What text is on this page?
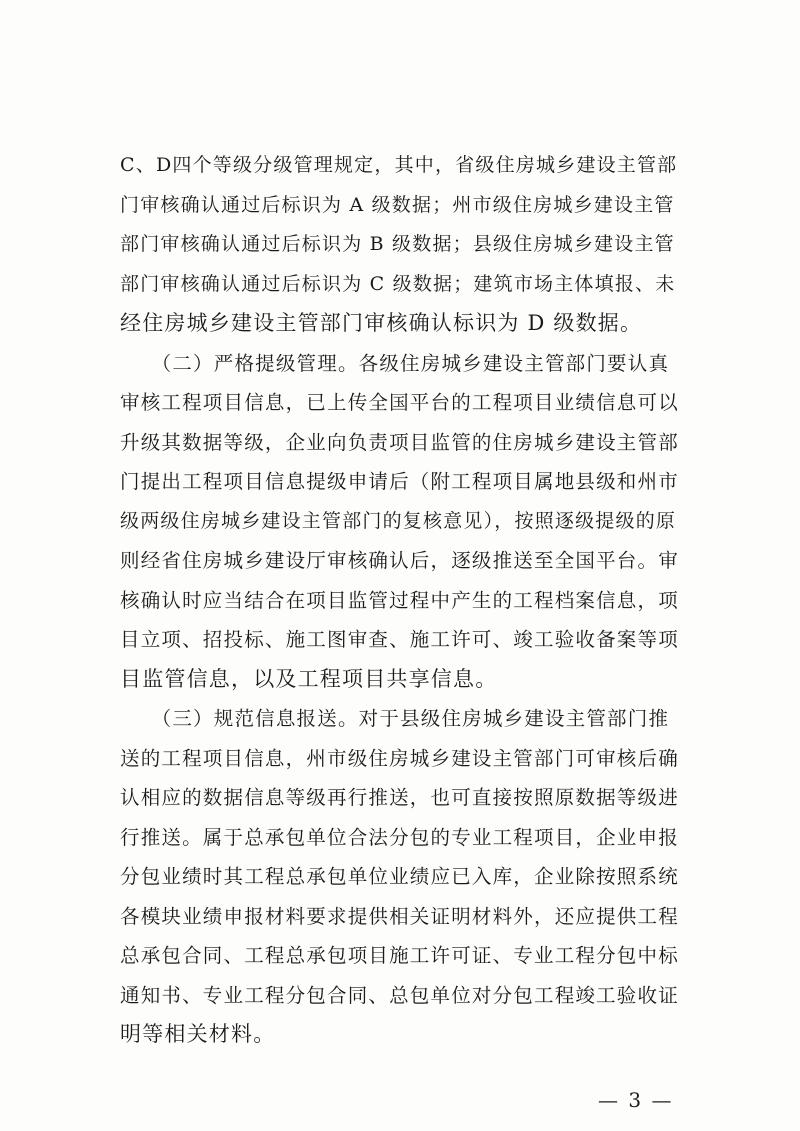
C、D四个等级分级管理规定，其中，省级住房城乡建设主管部
门审核确认通过后标识为 A 级数据；州市级住房城乡建设主管
部门审核确认通过后标识为 B 级数据；县级住房城乡建设主管
部门审核确认通过后标识为 C 级数据；建筑市场主体填报、未
经住房城乡建设主管部门审核确认标识为 D 级数据。
　　（二）严格提级管理。各级住房城乡建设主管部门要认真
审核工程项目信息，已上传全国平台的工程项目业绩信息可以
升级其数据等级，企业向负责项目监管的住房城乡建设主管部
门提出工程项目信息提级申请后（附工程项目属地县级和州市
级两级住房城乡建设主管部门的复核意见），按照逐级提级的原
则经省住房城乡建设厅审核确认后，逐级推送至全国平台。审
核确认时应当结合在项目监管过程中产生的工程档案信息，项
目立项、招投标、施工图审查、施工许可、竣工验收备案等项
目监管信息，以及工程项目共享信息。
　　（三）规范信息报送。对于县级住房城乡建设主管部门推
送的工程项目信息，州市级住房城乡建设主管部门可审核后确
认相应的数据信息等级再行推送，也可直接按照原数据等级进
行推送。属于总承包单位合法分包的专业工程项目，企业申报
分包业绩时其工程总承包单位业绩应已入库，企业除按照系统
各模块业绩申报材料要求提供相关证明材料外，还应提供工程
总承包合同、工程总承包项目施工许可证、专业工程分包中标
通知书、专业工程分包合同、总包单位对分包工程竣工验收证
明等相关材料。
— 3 —
